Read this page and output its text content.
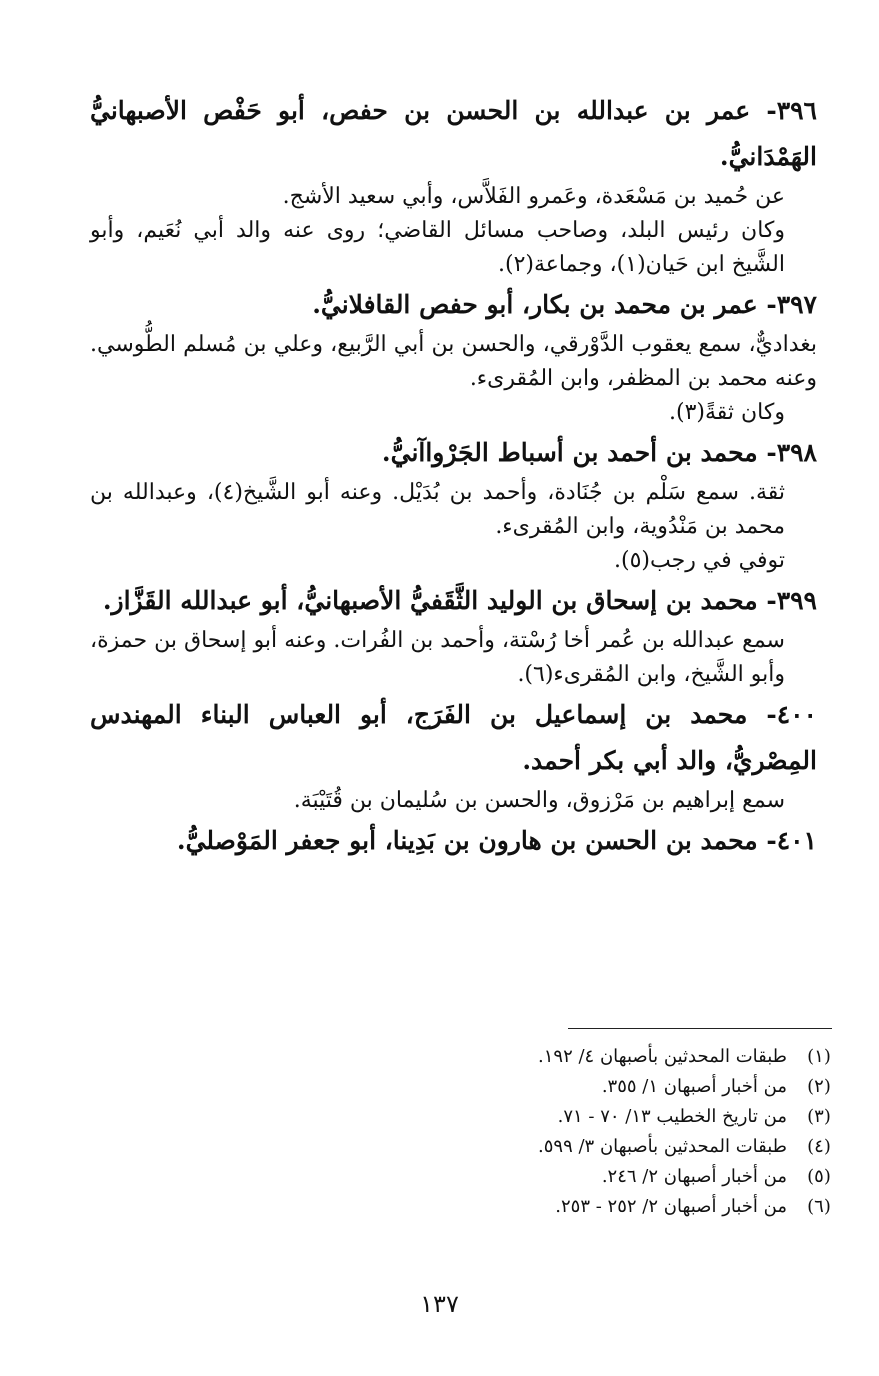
٣٩٦- عمر بن عبدالله بن الحسن بن حفص، أبو حَفْص الأصبهانيُّ الهَمْدَانيُّ.
عن حُميد بن مَسْعَدة، وعَمرو الفَلاَّس، وأبي سعيد الأشج.
وكان رئيس البلد، وصاحب مسائل القاضي؛ روى عنه والد أبي نُعَيم، وأبو الشَّيخ ابن حَيان(١)، وجماعة(٢).
٣٩٧- عمر بن محمد بن بكار، أبو حفص القافلانيُّ.
بغداديٌّ، سمع يعقوب الدَّوْرقي، والحسن بن أبي الرَّبيع، وعلي بن مُسلم الطُّوسي. وعنه محمد بن المظفر، وابن المُقرىء.
وكان ثقةً(٣).
٣٩٨- محمد بن أحمد بن أسباط الجَرْواآنيُّ.
ثقة. سمع سَلْم بن جُنَادة، وأحمد بن بُدَيْل. وعنه أبو الشَّيخ(٤)، وعبدالله بن محمد بن مَنْدُوية، وابن المُقرىء.
توفي في رجب(٥).
٣٩٩- محمد بن إسحاق بن الوليد الثَّقَفيُّ الأصبهانيُّ، أبو عبدالله القَزَّاز.
سمع عبدالله بن عُمر أخا رُسْتة، وأحمد بن الفُرات. وعنه أبو إسحاق بن حمزة، وأبو الشَّيخ، وابن المُقرىء(٦).
٤٠٠- محمد بن إسماعيل بن الفَرَج، أبو العباس البناء المهندس المِصْريُّ، والد أبي بكر أحمد.
سمع إبراهيم بن مَرْزوق، والحسن بن سُليمان بن قُتَيْبَة.
٤٠١- محمد بن الحسن بن هارون بن بَدِينا، أبو جعفر المَوْصليُّ.
(١)
طبقات المحدثين بأصبهان ٤/ ١٩٢.
(٢)
من أخبار أصبهان ١/ ٣٥٥.
(٣)
من تاريخ الخطيب ١٣/ ٧٠ - ٧١.
(٤)
طبقات المحدثين بأصبهان ٣/ ٥٩٩.
(٥)
من أخبار أصبهان ٢/ ٢٤٦.
(٦)
من أخبار أصبهان ٢/ ٢٥٢ - ٢٥٣.
١٣٧
